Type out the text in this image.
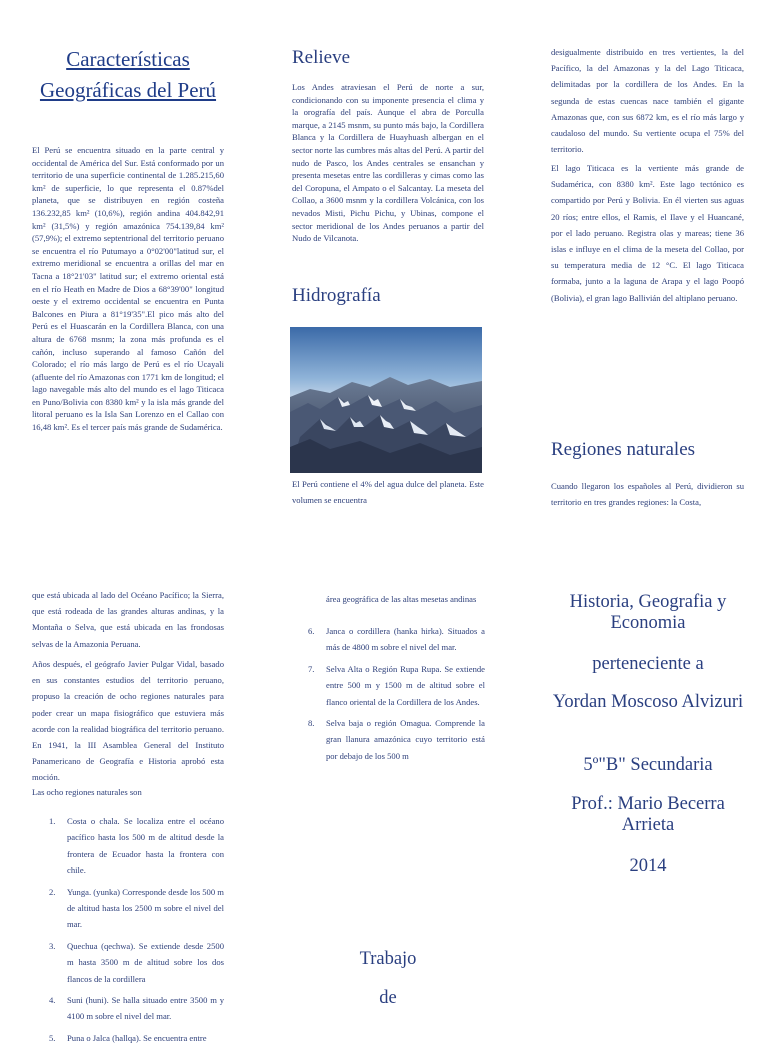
Características Geográficas del Perú
El Perú se encuentra situado en la parte central y occidental de América del Sur. Está conformado por un territorio de una superficie continental de 1.285.215,60 km² de superficie, lo que representa el 0.87%del planeta, que se distribuyen en región costeña 136.232,85 km² (10,6%), región andina 404.842,91 km² (31,5%) y región amazónica 754.139,84 km² (57,9%); el extremo septentrional del territorio peruano se encuentra el río Putumayo a 0°02'00"latitud sur, el extremo meridional se encuentra a orillas del mar en Tacna a 18°21'03" latitud sur; el extremo oriental está en el río Heath en Madre de Dios a 68°39'00" longitud oeste y el extremo occidental se encuentra en Punta Balcones en Piura a 81°19'35".El pico más alto del Perú es el Huascarán en la Cordillera Blanca, con una altura de 6768 msnm; la zona más profunda es el cañón, incluso superando al famoso Cañón del Colorado; el río más largo de Perú es el río Ucayali (afluente del río Amazonas con 1771 km de longitud; el lago navegable más alto del mundo es el lago Titicaca en Puno/Bolivia con 8380 km² y la isla más grande del litoral peruano es la Isla San Lorenzo en el Callao con 16,48 km². Es el tercer país más grande de Sudamérica.
Relieve
Los Andes atraviesan el Perú de norte a sur, condicionando con su imponente presencia el clima y la orografía del país. Aunque el abra de Porculla marque, a 2145 msnm, su punto más bajo, la Cordillera Blanca y la Cordillera de Huayhuash albergan en el sector norte las cumbres más altas del Perú. A partir del nudo de Pasco, los Andes centrales se ensanchan y presenta mesetas entre las cordilleras y cimas como las del Coropuna, el Ampato o el Salcantay. La meseta del Collao, a 3600 msnm y la cordillera Volcánica, con los nevados Misti, Pichu Pichu, y Ubinas, compone el sector meridional de los Andes peruanos a partir del Nudo de Vilcanota.
Hidrografía
El Perú contiene el 4% del agua dulce del planeta. Este volumen se encuentra
desigualmente distribuido en tres vertientes, la del Pacífico, la del Amazonas y la del Lago Titicaca, delimitadas por la cordillera de los Andes. En la segunda de estas cuencas nace también el gigante Amazonas que, con sus 6872 km, es el río más largo y caudaloso del mundo. Su vertiente ocupa el 75% del territorio.
El lago Titicaca es la vertiente más grande de Sudamérica, con 8380 km². Este lago tectónico es compartido por Perú y Bolivia. En él vierten sus aguas 20 ríos; entre ellos, el Ramis, el Ilave y el Huancané, por el lado peruano. Registra olas y mareas; tiene 36 islas e influye en el clima de la meseta del Collao, por su temperatura media de 12 °C. El lago Titicaca formaba, junto a la laguna de Arapa y el lago Poopó (Bolivia), el gran lago Ballivián del altiplano peruano.
Regiones naturales
Cuando llegaron los españoles al Perú, dividieron su territorio en tres grandes regiones: la Costa,
que está ubicada al lado del Océano Pacífico; la Sierra, que está rodeada de las grandes alturas andinas, y la Montaña o Selva, que está ubicada en las frondosas selvas de la Amazonia Peruana.
Años después, el geógrafo Javier Pulgar Vidal, basado en sus constantes estudios del territorio peruano, propuso la creación de ocho regiones naturales para poder crear un mapa fisiográfico que estuviera más acorde con la realidad biográfica del territorio peruano. En 1941, la III Asamblea General del Instituto Panamericano de Geografía e Historia aprobó esta moción.
Las ocho regiones naturales son
1. Costa o chala. Se localiza entre el océano pacífico hasta los 500 m de altitud desde la frontera de Ecuador hasta la frontera con chile.
2. Yunga. (yunka) Corresponde desde los 500 m de altitud hasta los 2500 m sobre el nivel del mar.
3. Quechua (qechwa). Se extiende desde 2500 m hasta 3500 m de altitud sobre los dos flancos de la cordillera
4. Suni (huni). Se halla situado entre 3500 m y 4100 m sobre el nivel del mar.
5. Puna o Jalca (hallqa). Se encuentra entre
área geográfica de las altas mesetas andinas
6. Janca o cordillera (hanka hirka). Situados a más de 4800 m sobre el nivel del mar.
7. Selva Alta o Región Rupa Rupa. Se extiende entre 500 m y 1500 m de altitud sobre el flanco oriental de la Cordillera de los Andes.
8. Selva baja o región Omagua. Comprende la gran llanura amazónica cuyo territorio está por debajo de los 500 m
Historia, Geografia y Economia
perteneciente a
Yordan Moscoso Alvizuri
5º"B" Secundaria
Prof.: Mario Becerra Arrieta
2014
Trabajo
de
